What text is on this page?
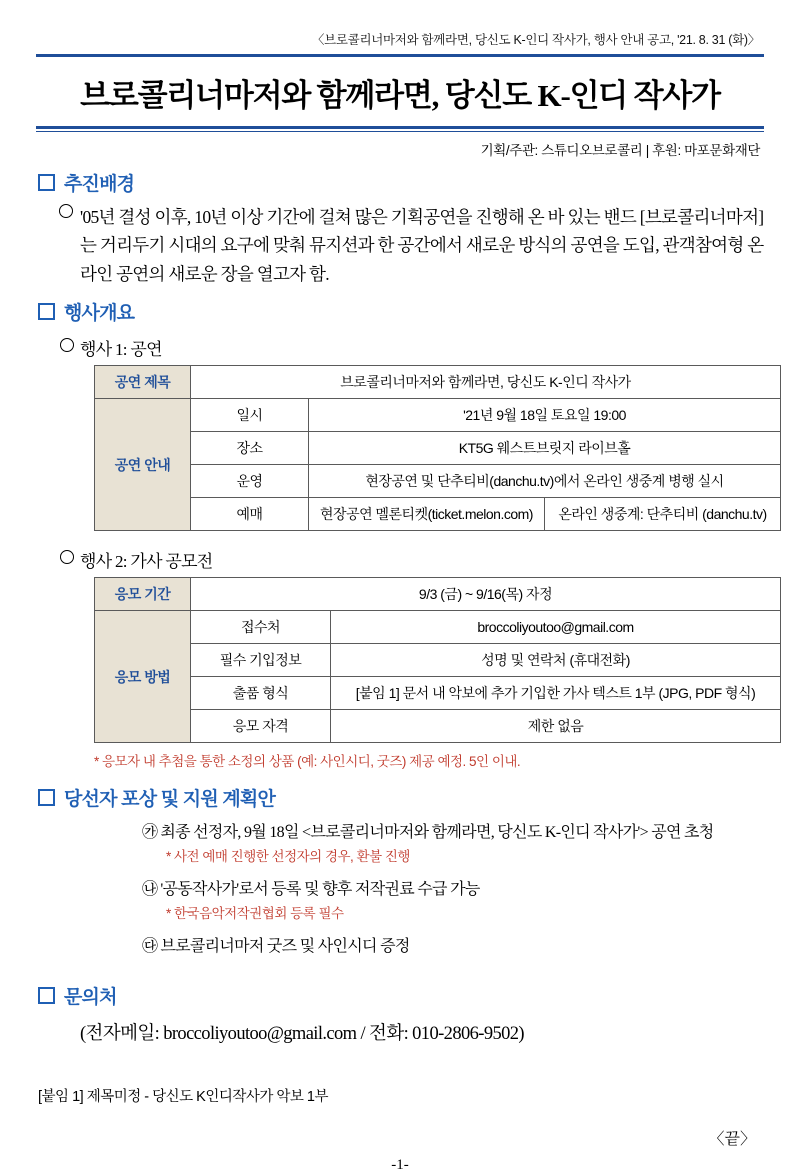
〈브로콜리너마저와 함께라면, 당신도 K-인디 작사가, 행사 안내 공고, '21. 8. 31 (화)〉
브로콜리너마저와 함께라면, 당신도 K-인디 작사가
기획/주관: 스튜디오브로콜리 | 후원: 마포문화재단
추진배경
'05년 결성 이후, 10년 이상 기간에 걸쳐 많은 기획공연을 진행해 온 바 있는 밴드 [브로콜리너마저]는 거리두기 시대의 요구에 맞춰 뮤지션과 한 공간에서 새로운 방식의 공연을 도입, 관객참여형 온라인 공연의 새로운 장을 열고자 함.
행사개요
행사 1: 공연
공연 제목	브로콜리너마저와 함께라면, 당신도 K-인디 작사가		
공연 안내	일시	'21년 9월 18일 토요일 19:00	
	장소	KT5G 웨스트브릿지 라이브홀	
	운영	현장공연 및 단추티비(danchu.tv)에서 온라인 생중계 병행 실시	
	예매	현장공연 멜론티켓(ticket.melon.com)	온라인 생중계: 단추티비 (danchu.tv)
행사 2: 가사 공모전
응모 기간	9/3 (금) ~ 9/16(목) 자정	
응모 방법	접수처	broccoliyoutoo@gmail.com
	필수 기입정보	성명 및 연락처 (휴대전화)
	출품 형식	[붙임 1] 문서 내 악보에 추가 기입한 가사 텍스트 1부 (JPG, PDF 형식)
	응모 자격	제한 없음
* 응모자 내 추첨을 통한 소정의 상품 (예: 사인시디, 굿즈) 제공 예정. 5인 이내.
당선자 포상 및 지원 계획안
㉮ 최종 선정자, 9월 18일 <브로콜리너마저와 함께라면, 당신도 K-인디 작사가'> 공연 초청
* 사전 예매 진행한 선정자의 경우, 환불 진행
㉯ '공동작사가'로서 등록 및 향후 저작권료 수급 가능
* 한국음악저작권협회 등록 필수
㉰ 브로콜리너마저 굿즈 및 사인시디 증정
문의처
(전자메일: broccoliyoutoo@gmail.com / 전화: 010-2806-9502)
[붙임 1] 제목미정 - 당신도 K인디작사가 악보 1부
〈끝〉
-1-
